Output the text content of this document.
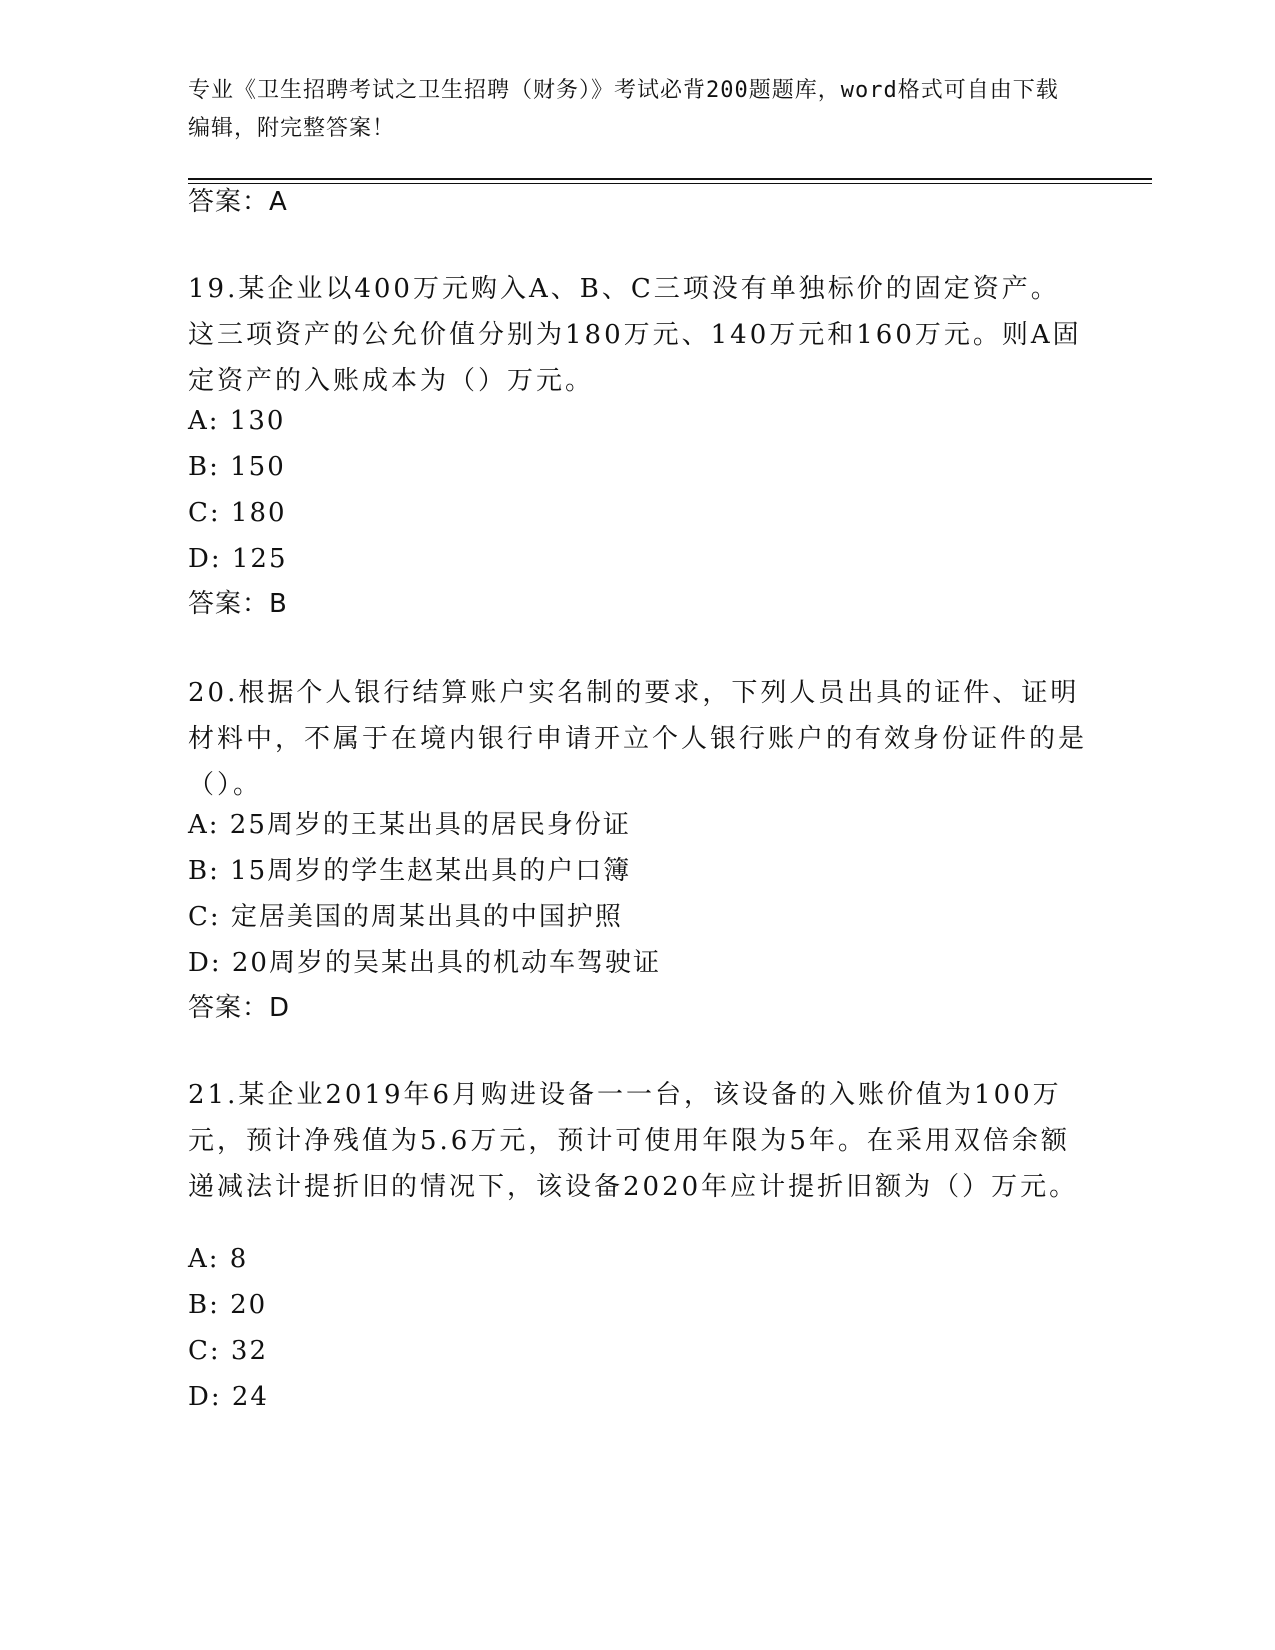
专业《卫生招聘考试之卫生招聘（财务）》考试必背200题题库，word格式可自由下载编辑，附完整答案！
答案：A
19.某企业以400万元购入A、B、C三项没有单独标价的固定资产。这三项资产的公允价值分别为180万元、140万元和160万元。则A固定资产的入账成本为（）万元。
A: 130
B: 150
C: 180
D: 125
答案：B
20.根据个人银行结算账户实名制的要求，下列人员出具的证件、证明材料中，不属于在境内银行申请开立个人银行账户的有效身份证件的是（）。
A: 25周岁的王某出具的居民身份证
B: 15周岁的学生赵某出具的户口簿
C: 定居美国的周某出具的中国护照
D: 20周岁的吴某出具的机动车驾驶证
答案：D
21.某企业2019年6月购进设备一一台，该设备的入账价值为100万元，预计净残值为5.6万元，预计可使用年限为5年。在采用双倍余额递减法计提折旧的情况下，该设备2020年应计提折旧额为（）万元。
A: 8
B: 20
C: 32
D: 24
